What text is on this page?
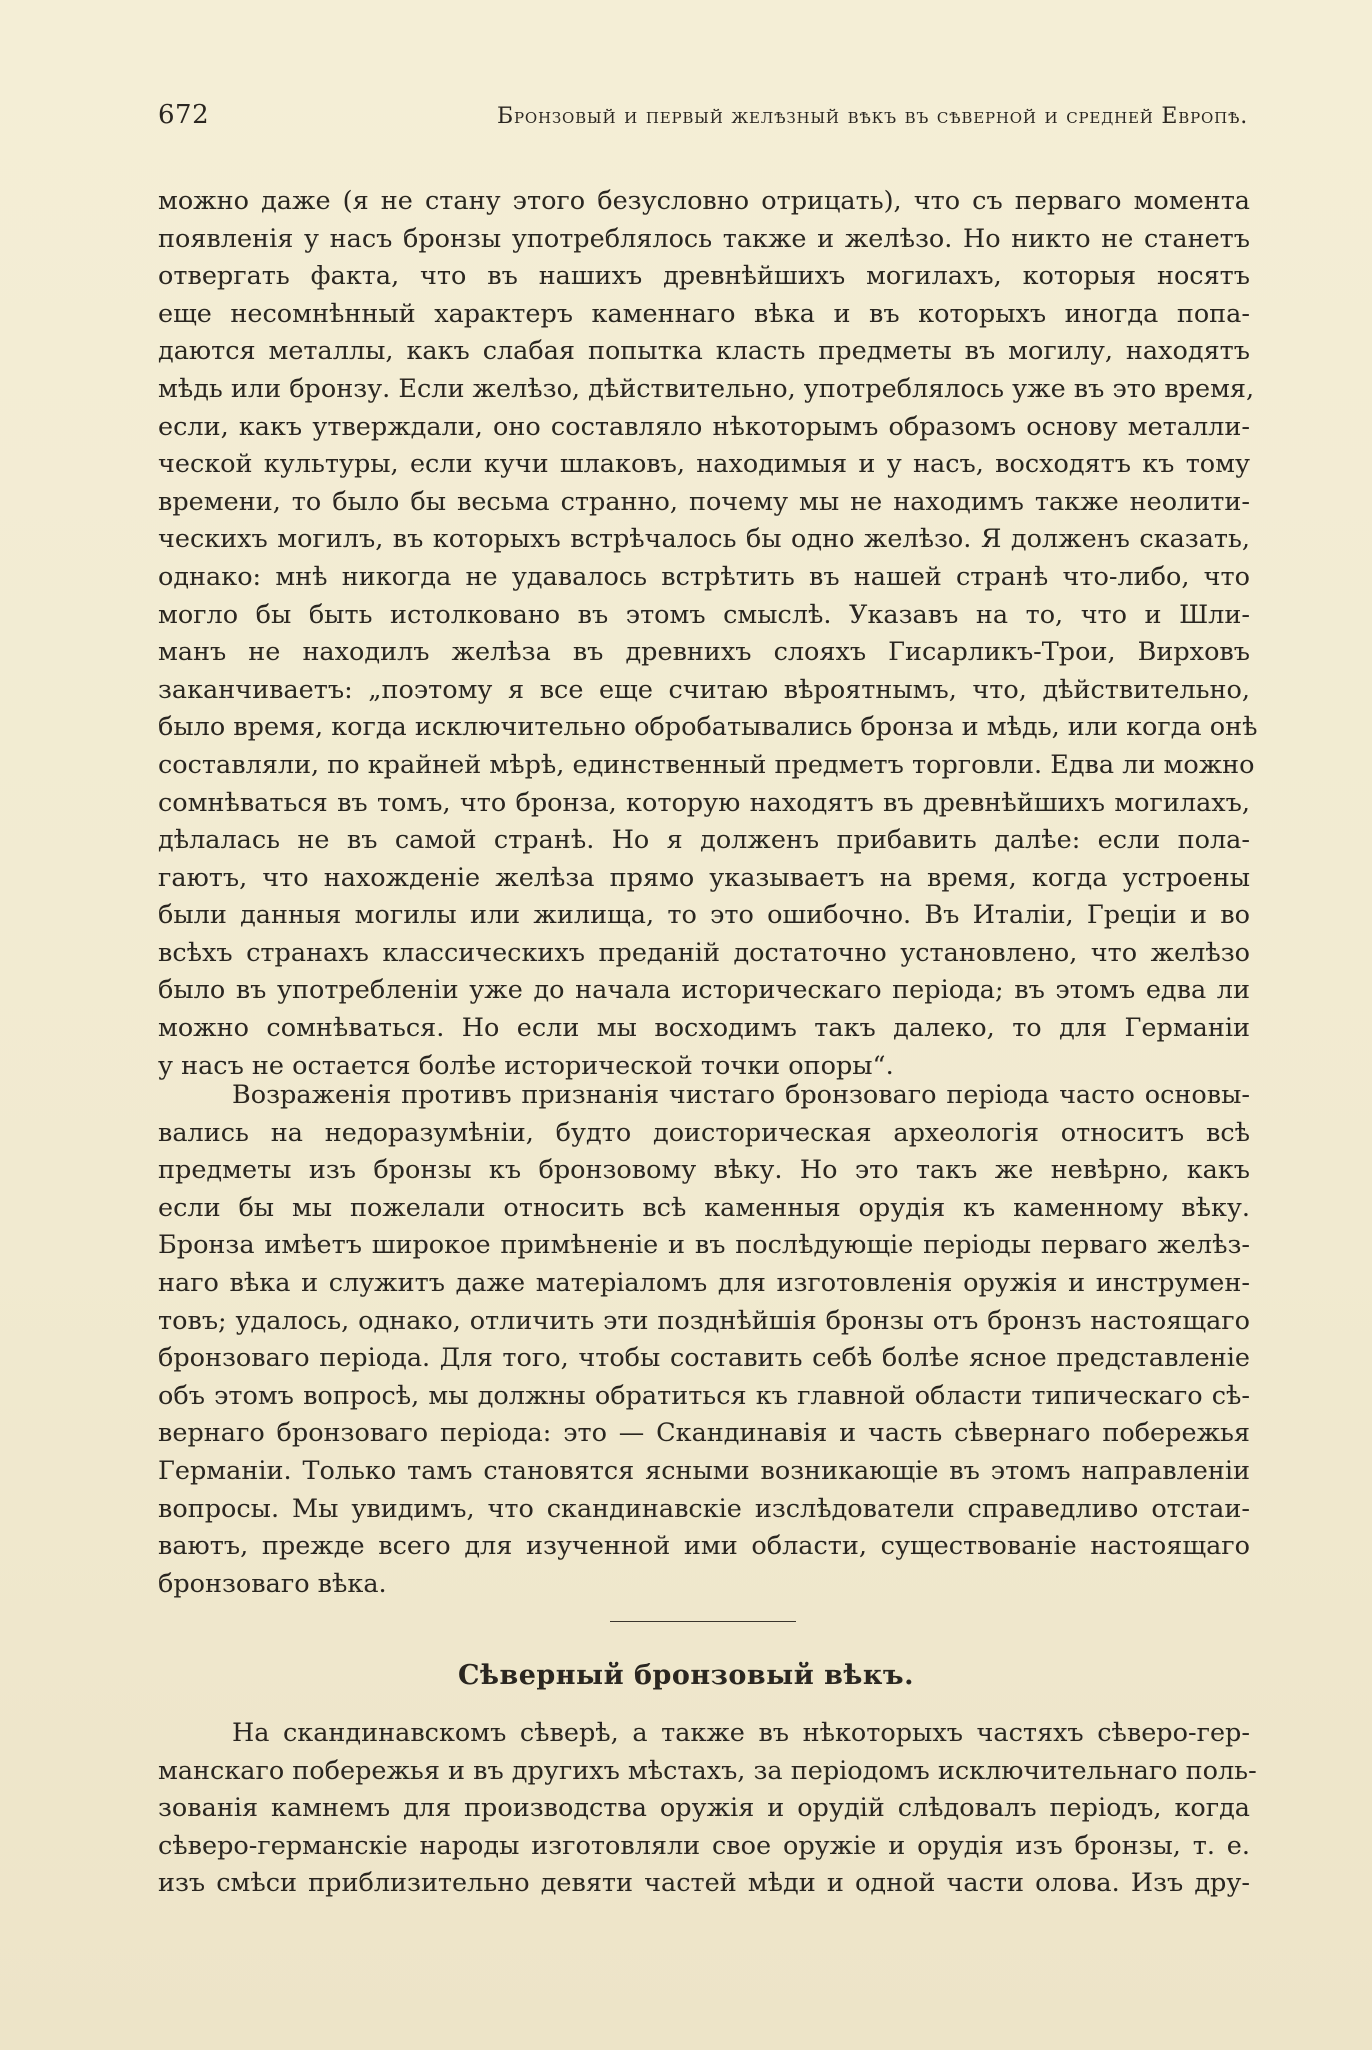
672	Бронзовый и первый желѣзный вѣкъ въ сѣверной и средней Европѣ.
можно даже (я не стану этого безусловно отрицать), что съ перваго момента
появленія у насъ бронзы употреблялось также и желѣзо. Но никто не станетъ
отвергать факта, что въ нашихъ древнѣйшихъ могилахъ, которыя носятъ
еще несомнѣнный характеръ каменнаго вѣка и въ которыхъ иногда попа-
даются металлы, какъ слабая попытка класть предметы въ могилу, находятъ
мѣдь или бронзу. Если желѣзо, дѣйствительно, употреблялось уже въ это время,
если, какъ утверждали, оно составляло нѣкоторымъ образомъ основу металли-
ческой культуры, если кучи шлаковъ, находимыя и у насъ, восходятъ къ тому
времени, то было бы весьма странно, почему мы не находимъ также неолити-
ческихъ могилъ, въ которыхъ встрѣчалось бы одно желѣзо. Я долженъ сказать,
однако: мнѣ никогда не удавалось встрѣтить въ нашей странѣ что-либо, что
могло бы быть истолковано въ этомъ смыслѣ. Указавъ на то, что и Шли-
манъ не находилъ желѣза въ древнихъ слояхъ Гисарликъ-Трои, Вирховъ
заканчиваетъ: „поэтому я все еще считаю вѣроятнымъ, что, дѣйствительно,
было время, когда исключительно обробатывались бронза и мѣдь, или когда онѣ
составляли, по крайней мѣрѣ, единственный предметъ торговли. Едва ли можно
сомнѣваться въ томъ, что бронза, которую находятъ въ древнѣйшихъ могилахъ,
дѣлалась не въ самой странѣ. Но я долженъ прибавить далѣе: если пола-
гаютъ, что нахожденіе желѣза прямо указываетъ на время, когда устроены
были данныя могилы или жилища, то это ошибочно. Въ Италіи, Греціи и во
всѣхъ странахъ классическихъ преданій достаточно установлено, что желѣзо
было въ употребленіи уже до начала историческаго періода; въ этомъ едва ли
можно сомнѣваться. Но если мы восходимъ такъ далеко, то для Германіи
у насъ не остается болѣе исторической точки опоры“.
Возраженія противъ признанія чистаго бронзоваго періода часто основы-
вались на недоразумѣніи, будто доисторическая археологія относитъ всѣ
предметы изъ бронзы къ бронзовому вѣку. Но это такъ же невѣрно, какъ
если бы мы пожелали относить всѣ каменныя орудія къ каменному вѣку.
Бронза имѣетъ широкое примѣненіе и въ послѣдующіе періоды перваго желѣз-
наго вѣка и служитъ даже матеріаломъ для изготовленія оружія и инструмен-
товъ; удалось, однако, отличить эти позднѣйшія бронзы отъ бронзъ настоящаго
бронзоваго періода. Для того, чтобы составить себѣ болѣе ясное представленіе
объ этомъ вопросѣ, мы должны обратиться къ главной области типическаго сѣ-
вернаго бронзоваго періода: это — Скандинавія и часть сѣвернаго побережья
Германіи. Только тамъ становятся ясными возникающіе въ этомъ направленіи
вопросы. Мы увидимъ, что скандинавскіе изслѣдователи справедливо отстаи-
ваютъ, прежде всего для изученной ими области, существованіе настоящаго
бронзоваго вѣка.
Сѣверный бронзовый вѣкъ.
На скандинавскомъ сѣверѣ, а также въ нѣкоторыхъ частяхъ сѣверо-гер-
манскаго побережья и въ другихъ мѣстахъ, за періодомъ исключительнаго поль-
зованія камнемъ для производства оружія и орудій слѣдовалъ періодъ, когда
сѣверо-германскіе народы изготовляли свое оружіе и орудія изъ бронзы, т. е.
изъ смѣси приблизительно девяти частей мѣди и одной части олова. Изъ дру-
